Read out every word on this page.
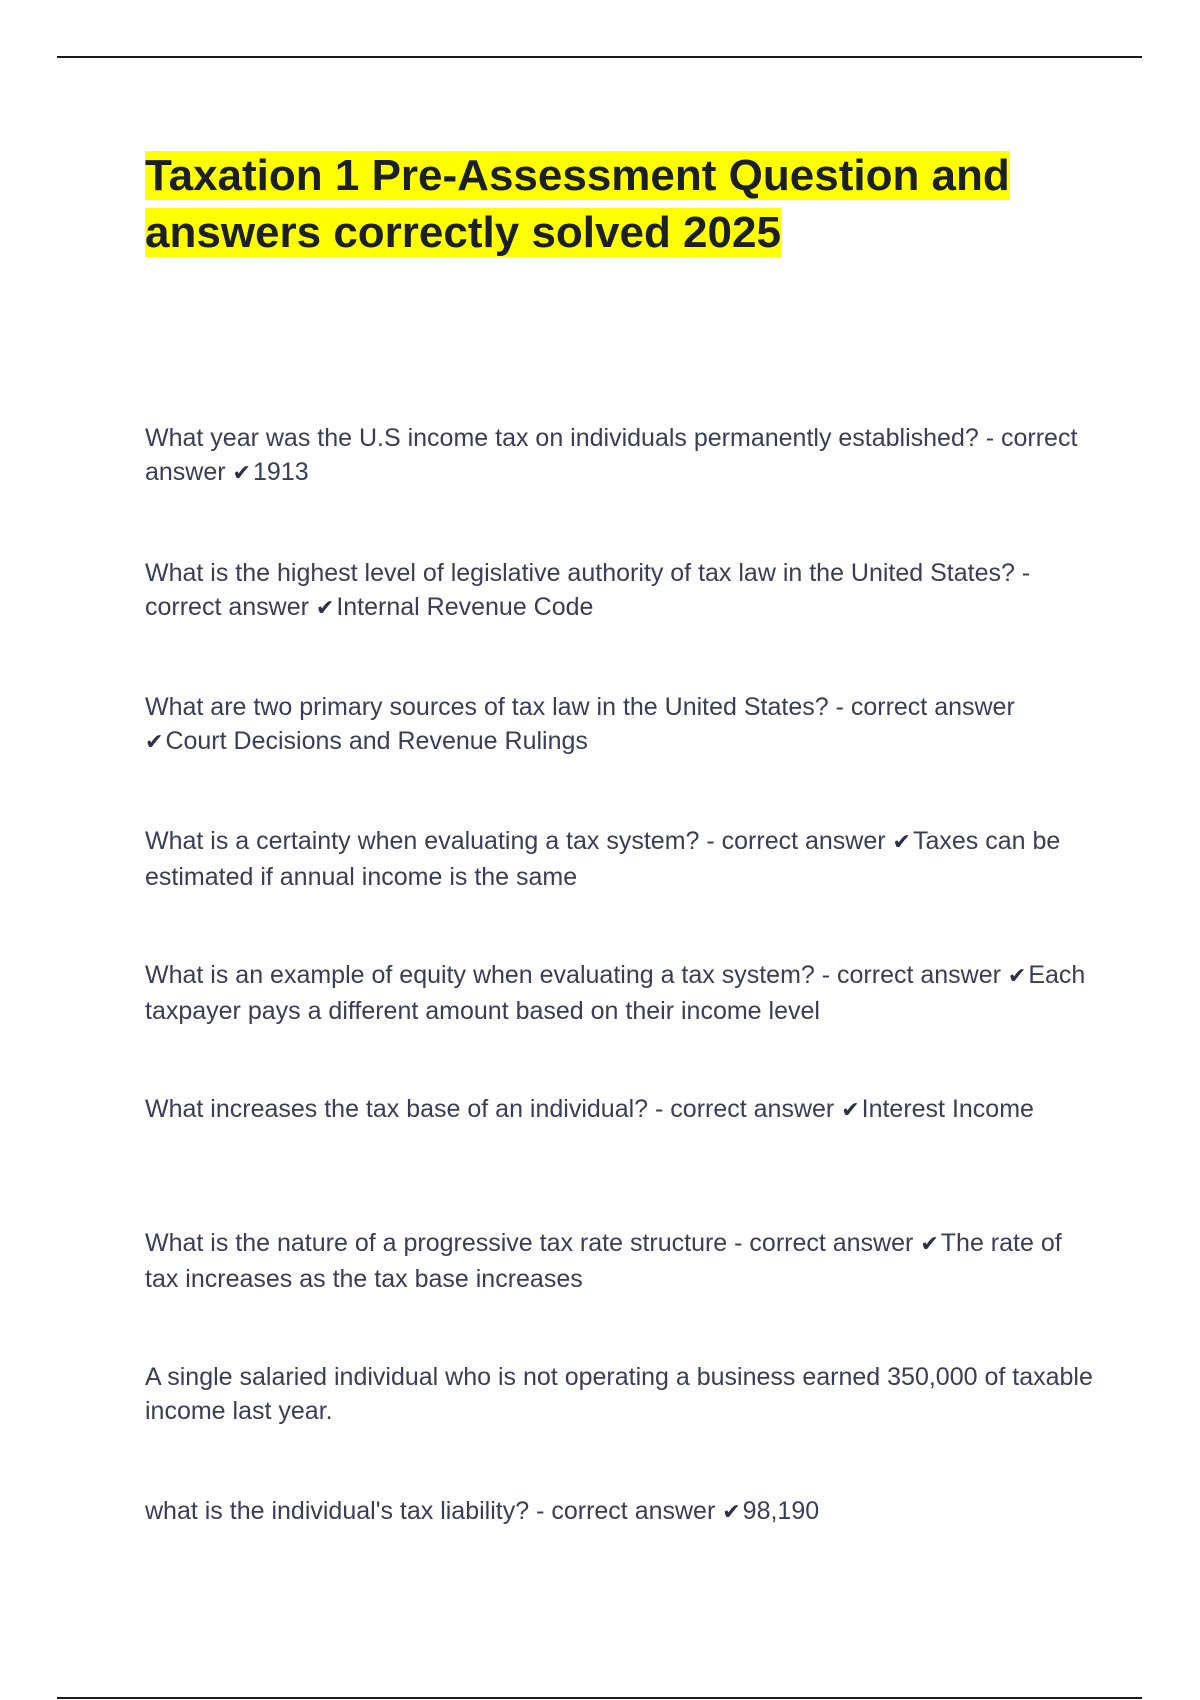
Taxation 1 Pre-Assessment Question and answers correctly solved 2025
What year was the U.S income tax on individuals permanently established? - correct answer ✔1913
What is the highest level of legislative authority of tax law in the United States? - correct answer ✔Internal Revenue Code
What are two primary sources of tax law in the United States? - correct answer ✔Court Decisions and Revenue Rulings
What is a certainty when evaluating a tax system? - correct answer ✔Taxes can be estimated if annual income is the same
What is an example of equity when evaluating a tax system? - correct answer ✔Each taxpayer pays a different amount based on their income level
What increases the tax base of an individual? - correct answer ✔Interest Income
What is the nature of a progressive tax rate structure - correct answer ✔The rate of tax increases as the tax base increases
A single salaried individual who is not operating a business earned 350,000 of taxable income last year.
what is the individual's tax liability? - correct answer ✔98,190
